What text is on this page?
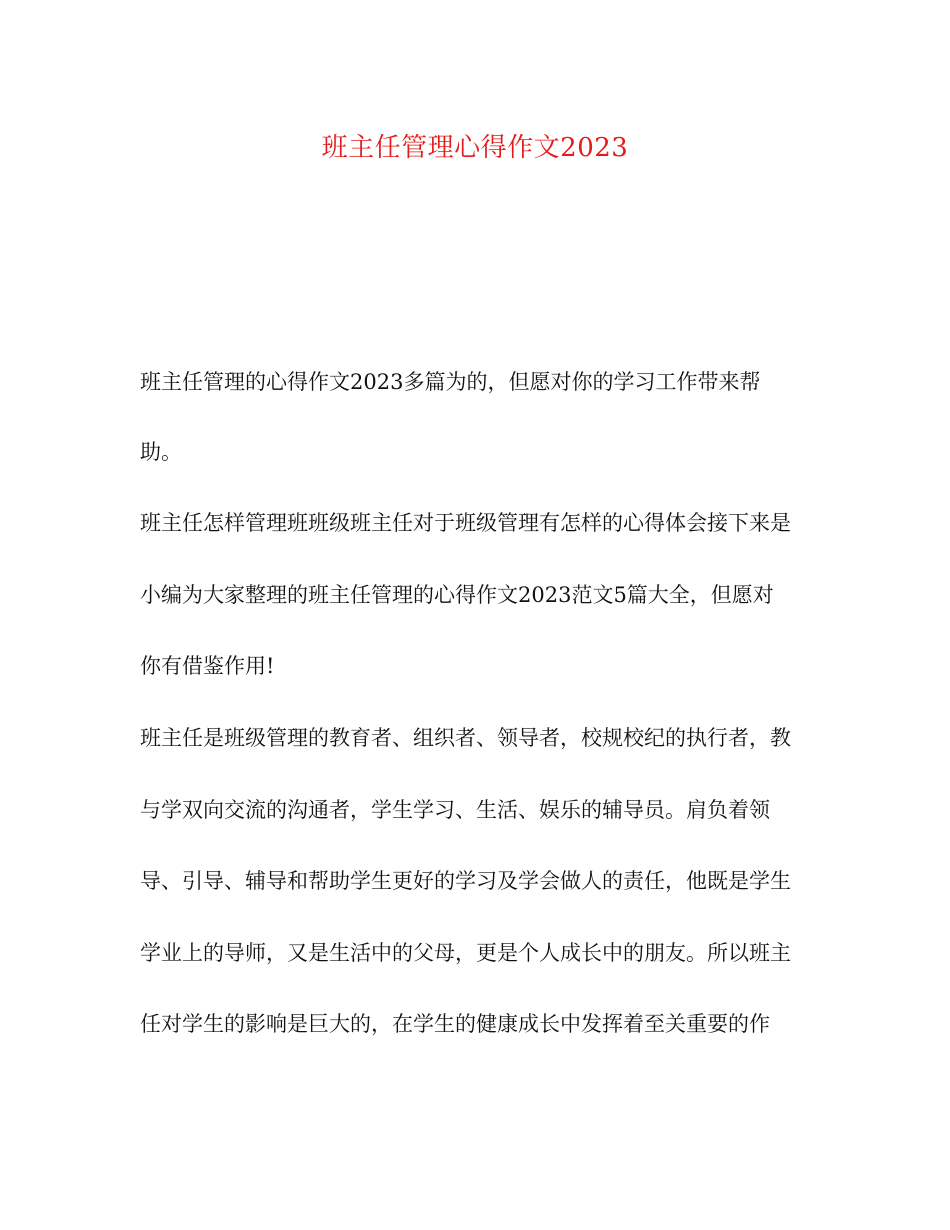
班主任管理心得作文2023

班主任管理的心得作文2023多篇为的，但愿对你的学习工作带来帮

助。

班主任怎样管理班班级班主任对于班级管理有怎样的心得体会接下来是

小编为大家整理的班主任管理的心得作文2023范文5篇大全，但愿对

你有借鉴作用!

班主任是班级管理的教育者、组织者、领导者，校规校纪的执行者，教

与学双向交流的沟通者，学生学习、生活、娱乐的辅导员。肩负着领

导、引导、辅导和帮助学生更好的学习及学会做人的责任，他既是学生

学业上的导师，又是生活中的父母，更是个人成长中的朋友。所以班主

任对学生的影响是巨大的，在学生的健康成长中发挥着至关重要的作
